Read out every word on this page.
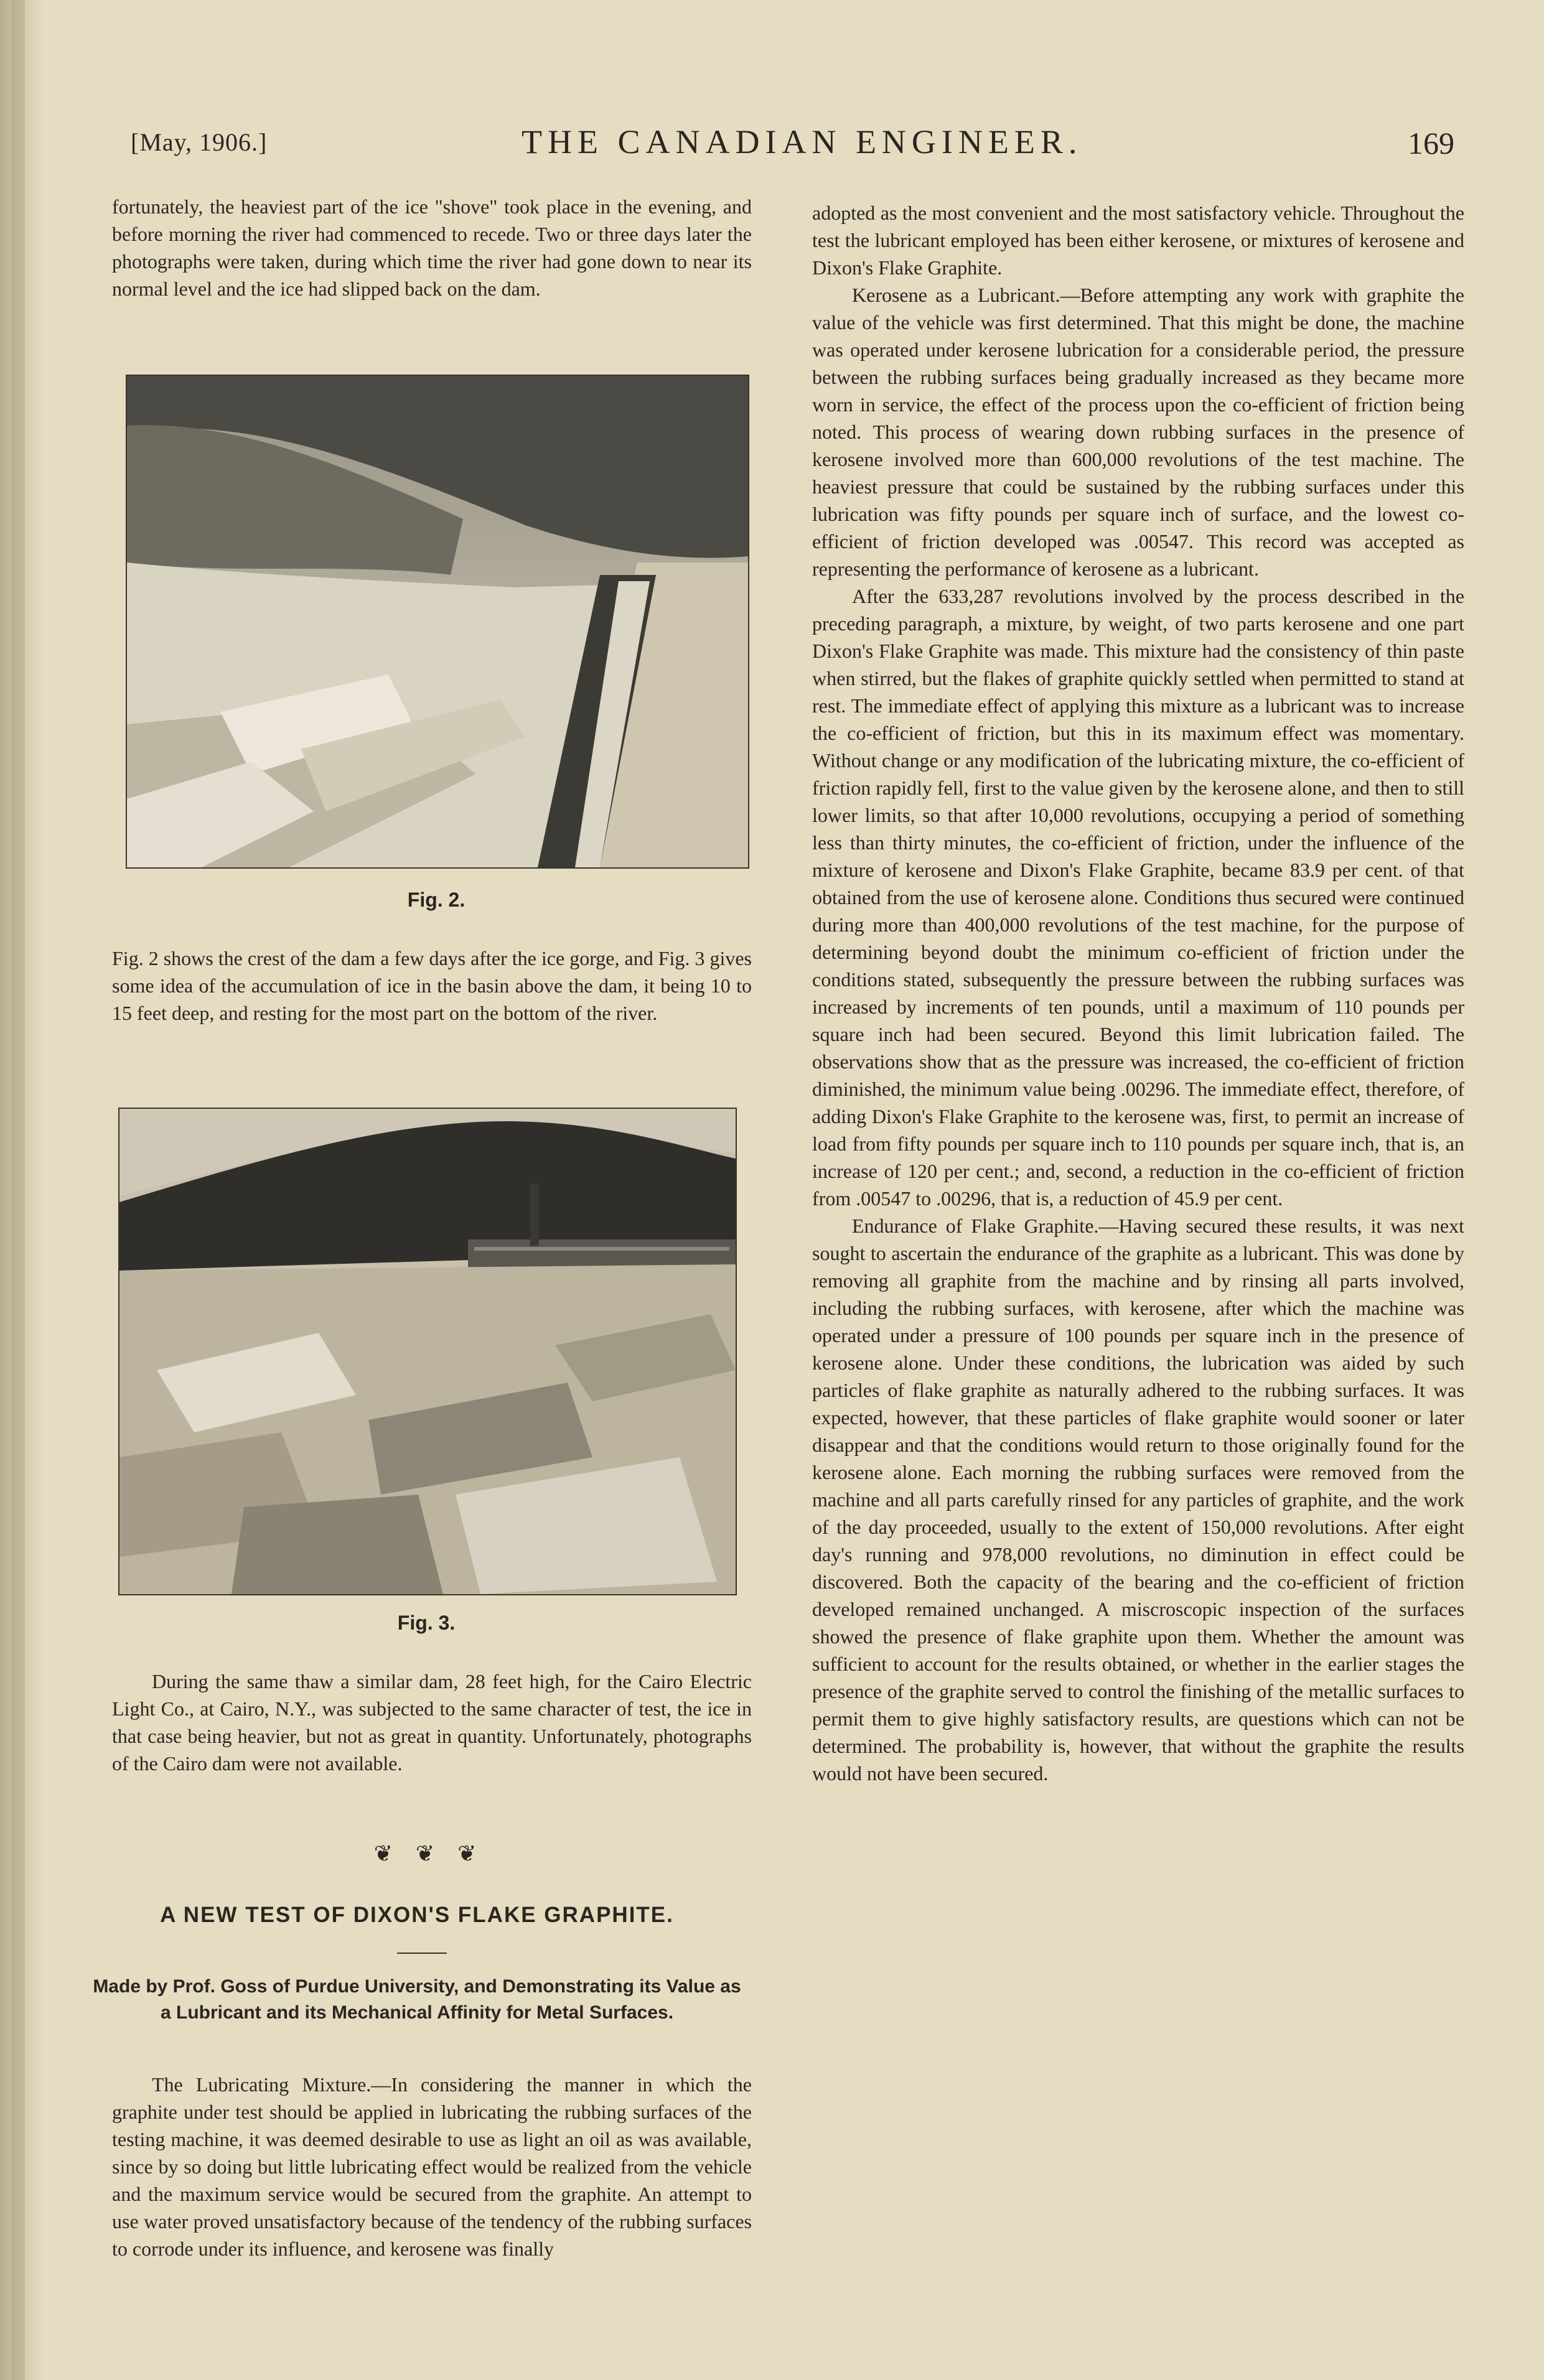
[May, 1906.]	THE CANADIAN ENGINEER.	169

fortunately, the heaviest part of the ice "shove" took place in the evening, and before morning the river had commenced to recede. Two or three days later the photographs were taken, during which time the river had gone down to near its normal level and the ice had slipped back on the dam.

Fig. 2.

Fig. 2 shows the crest of the dam a few days after the ice gorge, and Fig. 3 gives some idea of the accumulation of ice in the basin above the dam, it being 10 to 15 feet deep, and resting for the most part on the bottom of the river.

Fig. 3.

During the same thaw a similar dam, 28 feet high, for the Cairo Electric Light Co., at Cairo, N.Y., was subjected to the same character of test, the ice in that case being heavier, but not as great in quantity. Unfortunately, photographs of the Cairo dam were not available.

❦ ❦ ❦
A NEW TEST OF DIXON'S FLAKE GRAPHITE.
Made by Prof. Goss of Purdue University, and Demonstrating its Value as a Lubricant and its Mechanical Affinity for Metal Surfaces.

The Lubricating Mixture.—In considering the manner in which the graphite under test should be applied in lubricating the rubbing surfaces of the testing machine, it was deemed desirable to use as light an oil as was available, since by so doing but little lubricating effect would be realized from the vehicle and the maximum service would be secured from the graphite. An attempt to use water proved unsatisfactory because of the tendency of the rubbing surfaces to corrode under its influence, and kerosene was finally

adopted as the most convenient and the most satisfactory vehicle. Throughout the test the lubricant employed has been either kerosene, or mixtures of kerosene and Dixon's Flake Graphite.

Kerosene as a Lubricant.—Before attempting any work with graphite the value of the vehicle was first determined. That this might be done, the machine was operated under kerosene lubrication for a considerable period, the pressure between the rubbing surfaces being gradually increased as they became more worn in service, the effect of the process upon the co-efficient of friction being noted. This process of wearing down rubbing surfaces in the presence of kerosene involved more than 600,000 revolutions of the test machine. The heaviest pressure that could be sustained by the rubbing surfaces under this lubrication was fifty pounds per square inch of surface, and the lowest co-efficient of friction developed was .00547. This record was accepted as representing the performance of kerosene as a lubricant.

After the 633,287 revolutions involved by the process described in the preceding paragraph, a mixture, by weight, of two parts kerosene and one part Dixon's Flake Graphite was made. This mixture had the consistency of thin paste when stirred, but the flakes of graphite quickly settled when permitted to stand at rest. The immediate effect of applying this mixture as a lubricant was to increase the co-efficient of friction, but this in its maximum effect was momentary. Without change or any modification of the lubricating mixture, the co-efficient of friction rapidly fell, first to the value given by the kerosene alone, and then to still lower limits, so that after 10,000 revolutions, occupying a period of something less than thirty minutes, the co-efficient of friction, under the influence of the mixture of kerosene and Dixon's Flake Graphite, became 83.9 per cent. of that obtained from the use of kerosene alone. Conditions thus secured were continued during more than 400,000 revolutions of the test machine, for the purpose of determining beyond doubt the minimum co-efficient of friction under the conditions stated, subsequently the pressure between the rubbing surfaces was increased by increments of ten pounds, until a maximum of 110 pounds per square inch had been secured. Beyond this limit lubrication failed. The observations show that as the pressure was increased, the co-efficient of friction diminished, the minimum value being .00296. The immediate effect, therefore, of adding Dixon's Flake Graphite to the kerosene was, first, to permit an increase of load from fifty pounds per square inch to 110 pounds per square inch, that is, an increase of 120 per cent.; and, second, a reduction in the co-efficient of friction from .00547 to .00296, that is, a reduction of 45.9 per cent.

Endurance of Flake Graphite.—Having secured these results, it was next sought to ascertain the endurance of the graphite as a lubricant. This was done by removing all graphite from the machine and by rinsing all parts involved, including the rubbing surfaces, with kerosene, after which the machine was operated under a pressure of 100 pounds per square inch in the presence of kerosene alone. Under these conditions, the lubrication was aided by such particles of flake graphite as naturally adhered to the rubbing surfaces. It was expected, however, that these particles of flake graphite would sooner or later disappear and that the conditions would return to those originally found for the kerosene alone. Each morning the rubbing surfaces were removed from the machine and all parts carefully rinsed for any particles of graphite, and the work of the day proceeded, usually to the extent of 150,000 revolutions. After eight day's running and 978,000 revolutions, no diminution in effect could be discovered. Both the capacity of the bearing and the co-efficient of friction developed remained unchanged. A miscroscopic inspection of the surfaces showed the presence of flake graphite upon them. Whether the amount was sufficient to account for the results obtained, or whether in the earlier stages the presence of the graphite served to control the finishing of the metallic surfaces to permit them to give highly satisfactory results, are questions which can not be determined. The probability is, however, that without the graphite the results would not have been secured.
